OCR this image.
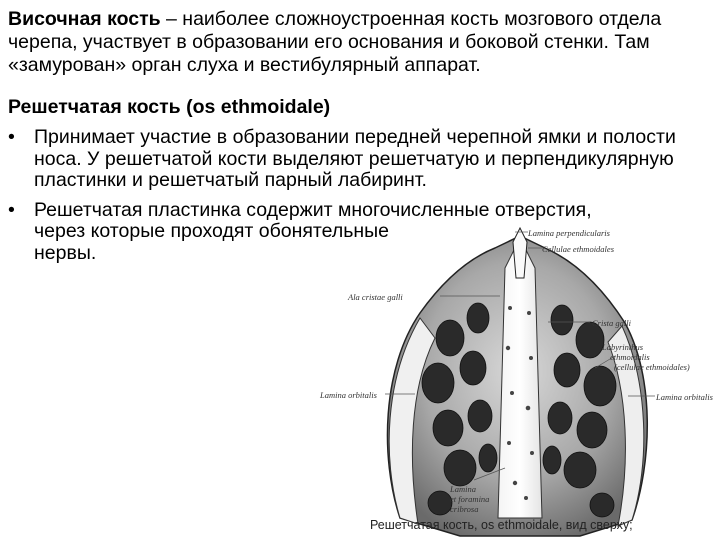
Височная кость – наиболее сложноустроенная кость мозгового отдела черепа, участвует в образовании его основания и боковой стенки. Там «замурован» орган слуха и вестибулярный аппарат.
Решетчатая кость (os ethmoidale)
• Принимает участие в образовании передней черепной ямки и полости носа. У решетчатой кости выделяют решетчатую и перпендикулярную пластинки и решетчатый парный лабиринт.
• Решетчатая пластинка содержит многочисленные отверстия,
через которые проходят обонятельные
нервы.
Lamina perpendicularis
Cellulae ethmoidales
Ala cristae galli
Crista galli
Labyrinthus
ethmoidalis
(cellulae ethmoidales)
Lamina orbitalis	Lamina orbitalis
Lamina
et foramina
cribrosa
Решетчатая кость, os ethmoidale, вид сверху;
